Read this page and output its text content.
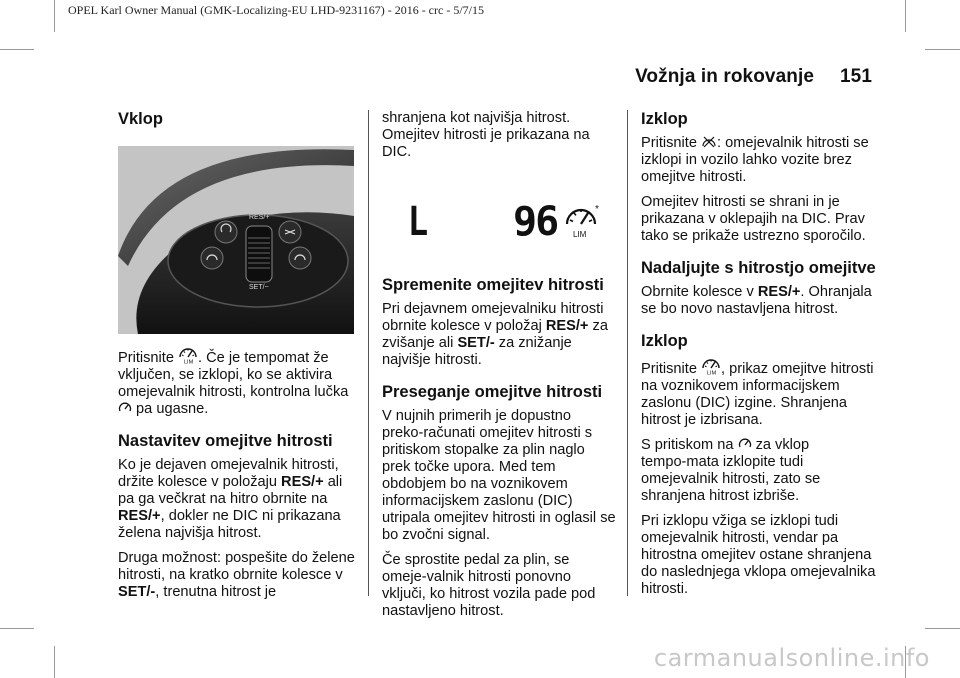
OPEL Karl Owner Manual (GMK-Localizing-EU LHD-9231167) - 2016 - crc - 5/7/15
Vožnja in rokovanje 151
Vklop
RES/+
SET/−

Pritisnite LIM . Če je tempomat že vključen, se izklopi, ko se aktivira omejevalnik hitrosti, kontrolna lučka  pa ugasne.

Nastavitev omejitve hitrosti

Ko je dejaven omejevalnik hitrosti, držite kolesce v položaju RES/+ ali pa ga večkrat na hitro obrnite na RES/+, dokler ne DIC ni prikazana želena najvišja hitrost.

Druga možnost: pospešite do želene hitrosti, na kratko obrnite kolesce v SET/-, trenutna hitrost je

shranjena kot najvišja hitrost. Omejitev hitrosti je prikazana na DIC.

L 96 LIM
*
Spremenite omejitev hitrosti

Pri dejavnem omejevalniku hitrosti obrnite kolesce v položaj RES/+ za zvišanje ali SET/- za znižanje najvišje hitrosti.

Preseganje omejitve hitrosti

V nujnih primerih je dopustno preko‑računati omejitev hitrosti s pritiskom stopalke za plin naglo prek točke upora. Med tem obdobjem bo na voznikovem informacijskem zaslonu (DIC) utripala omejitev hitrosti in oglasil se bo zvočni signal.

Če sprostite pedal za plin, se omeje‑valnik hitrosti ponovno vključi, ko hitrost vozila pade pod nastavljeno hitrost.

Izklop

Pritisnite : omejevalnik hitrosti se izklopi in vozilo lahko vozite brez omejitve hitrosti.

Omejitev hitrosti se shrani in je prikazana v oklepajih na DIC. Prav tako se prikaže ustrezno sporočilo.

Nadaljujte s hitrostjo omejitve

Obrnite kolesce v RES/+. Ohranjala se bo novo nastavljena hitrost.

Izklop

Pritisnite LIM , prikaz omejitve hitrosti na voznikovem informacijskem zaslonu (DIC) izgine. Shranjena hitrost je izbrisana.

S pritiskom na  za vklop tempo‑mata izklopite tudi omejevalnik hitrosti, zato se shranjena hitrost izbriše.

Pri izklopu vžiga se izklopi tudi omejevalnik hitrosti, vendar pa hitrostna omejitev ostane shranjena do naslednjega vklopa omejevalnika hitrosti.

carmanualsonline.info
